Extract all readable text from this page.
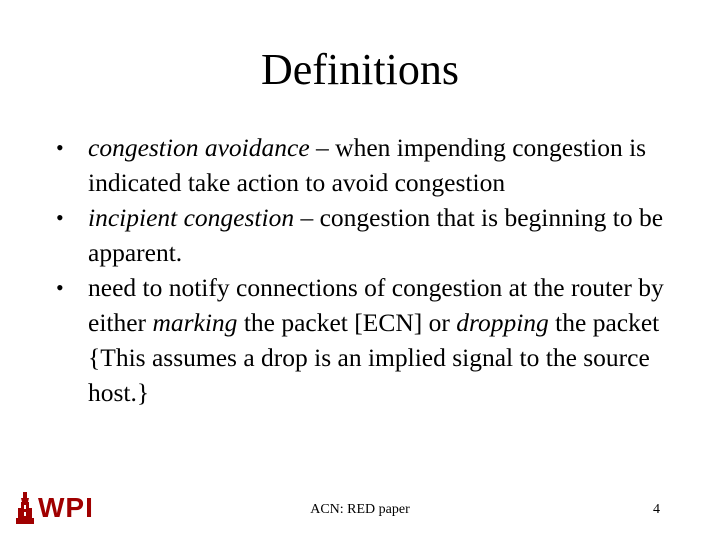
Definitions
• congestion avoidance – when impending congestion is indicated take action to avoid congestion
• incipient congestion – congestion that is beginning to be apparent.
• need to notify connections of congestion at the router by either marking the packet [ECN] or dropping the packet {This assumes a drop is an implied signal to the source host.}
WPI	ACN: RED paper	4
